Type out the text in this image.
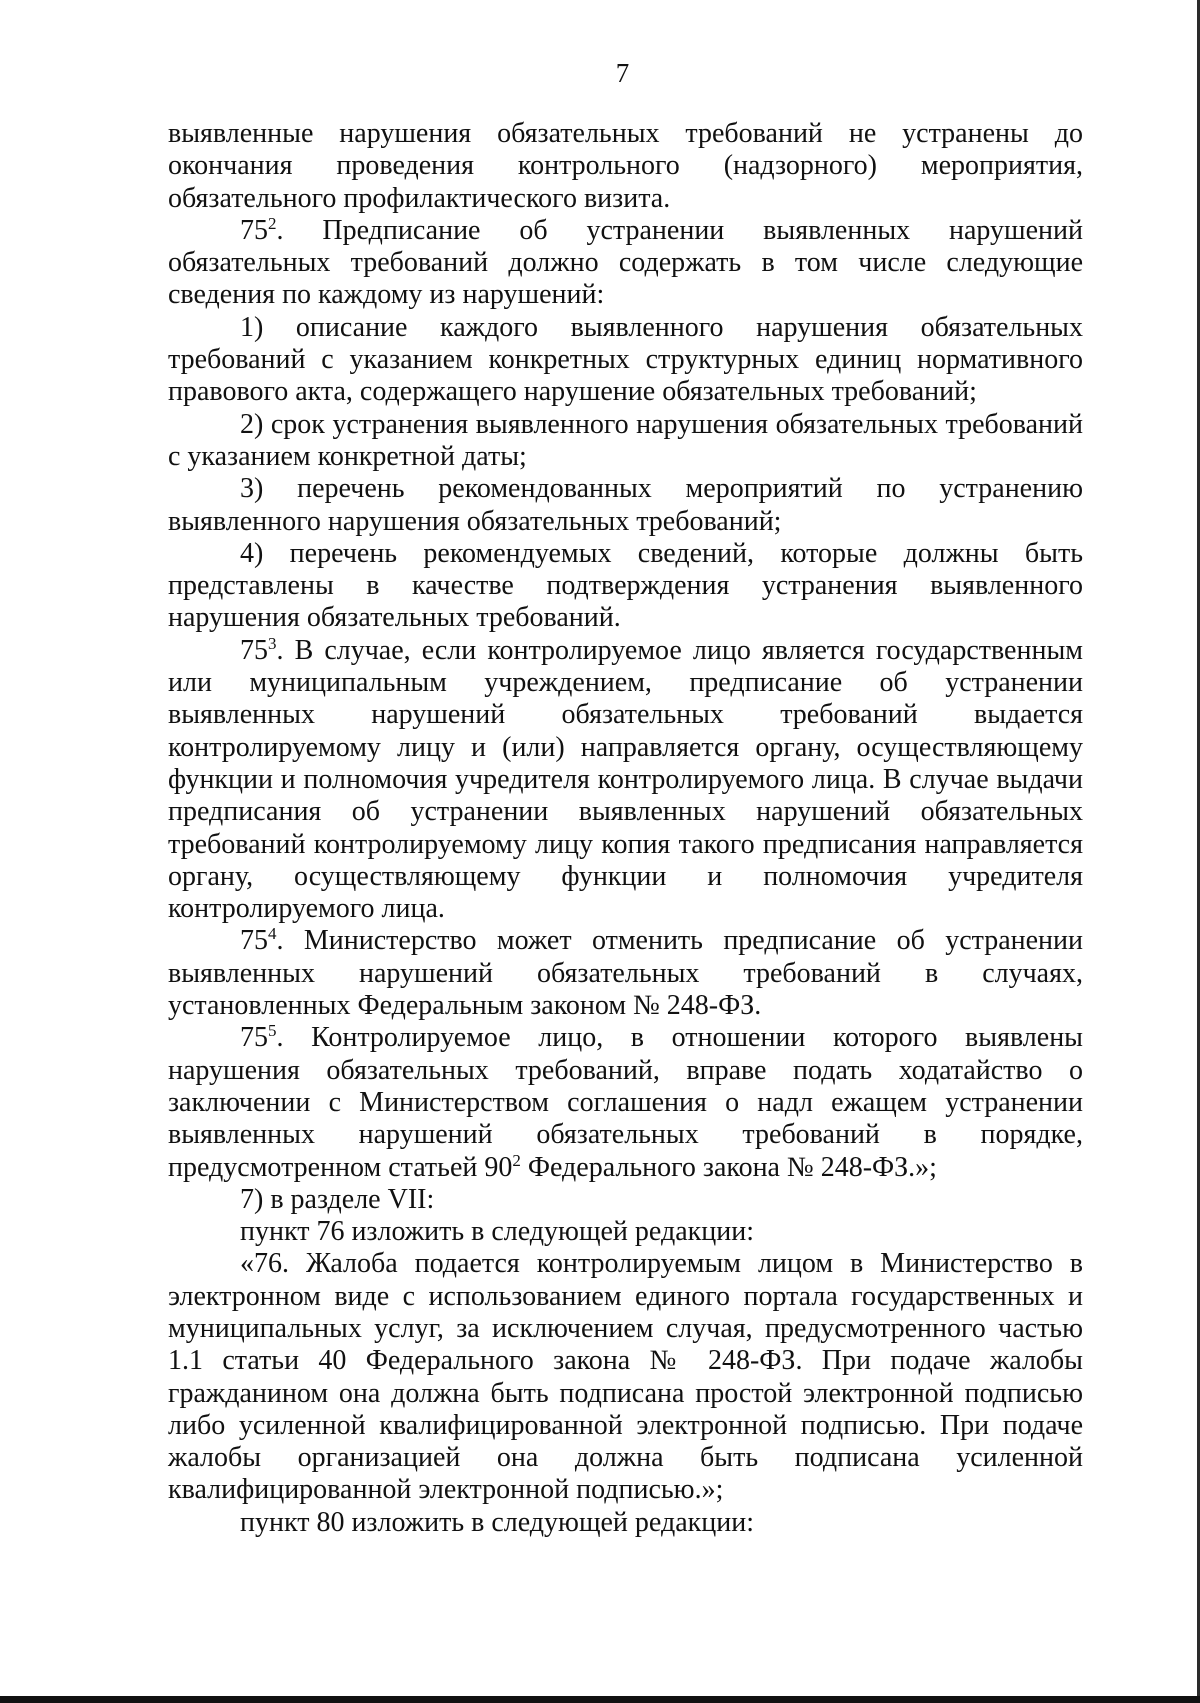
7

выявленные нарушения обязательных требований не устранены до окончания проведения контрольного (надзорного) мероприятия, обязательного профилактического визита.

$75^2$. Предписание об устранении выявленных нарушений обязательных требований должно содержать в том числе следующие сведения по каждому из нарушений:

1) описание каждого выявленного нарушения обязательных требований с указанием конкретных структурных единиц нормативного правового акта, содержащего нарушение обязательных требований;

2) срок устранения выявленного нарушения обязательных требований с указанием конкретной даты;

3) перечень рекомендованных мероприятий по устранению выявленного нарушения обязательных требований;

4) перечень рекомендуемых сведений, которые должны быть представлены в качестве подтверждения устранения выявленного нарушения обязательных требований.

$75^3$. В случае, если контролируемое лицо является государственным или муниципальным учреждением, предписание об устранении выявленных нарушений обязательных требований выдается контролируемому лицу и (или) направляется органу, осуществляющему функции и полномочия учредителя контролируемого лица. В случае выдачи предписания об устранении выявленных нарушений обязательных требований контролируемому лицу копия такого предписания направляется органу, осуществляющему функции и полномочия учредителя контролируемого лица.

$75^4$. Министерство может отменить предписание об устранении выявленных нарушений обязательных требований в случаях, установленных Федеральным законом № 248-ФЗ.

$75^5$. Контролируемое лицо, в отношении которого выявлены нарушения обязательных требований, вправе подать ходатайство о заключении с Министерством соглашения о надл ежащем устранении выявленных нарушений обязательных требований в порядке, предусмотренном статьей $90^2$ Федерального закона № 248-ФЗ.»;

7) в разделе VII:

пункт 76 изложить в следующей редакции:

«76. Жалоба подается контролируемым лицом в Министерство в электронном виде с использованием единого портала государственных и муниципальных услуг, за исключением случая, предусмотренного частью 1.1 статьи 40 Федерального закона № 248-ФЗ. При подаче жалобы гражданином она должна быть подписана простой электронной подписью либо усиленной квалифицированной электронной подписью. При подаче жалобы организацией она должна быть подписана усиленной квалифицированной электронной подписью.»;

пункт 80 изложить в следующей редакции:
